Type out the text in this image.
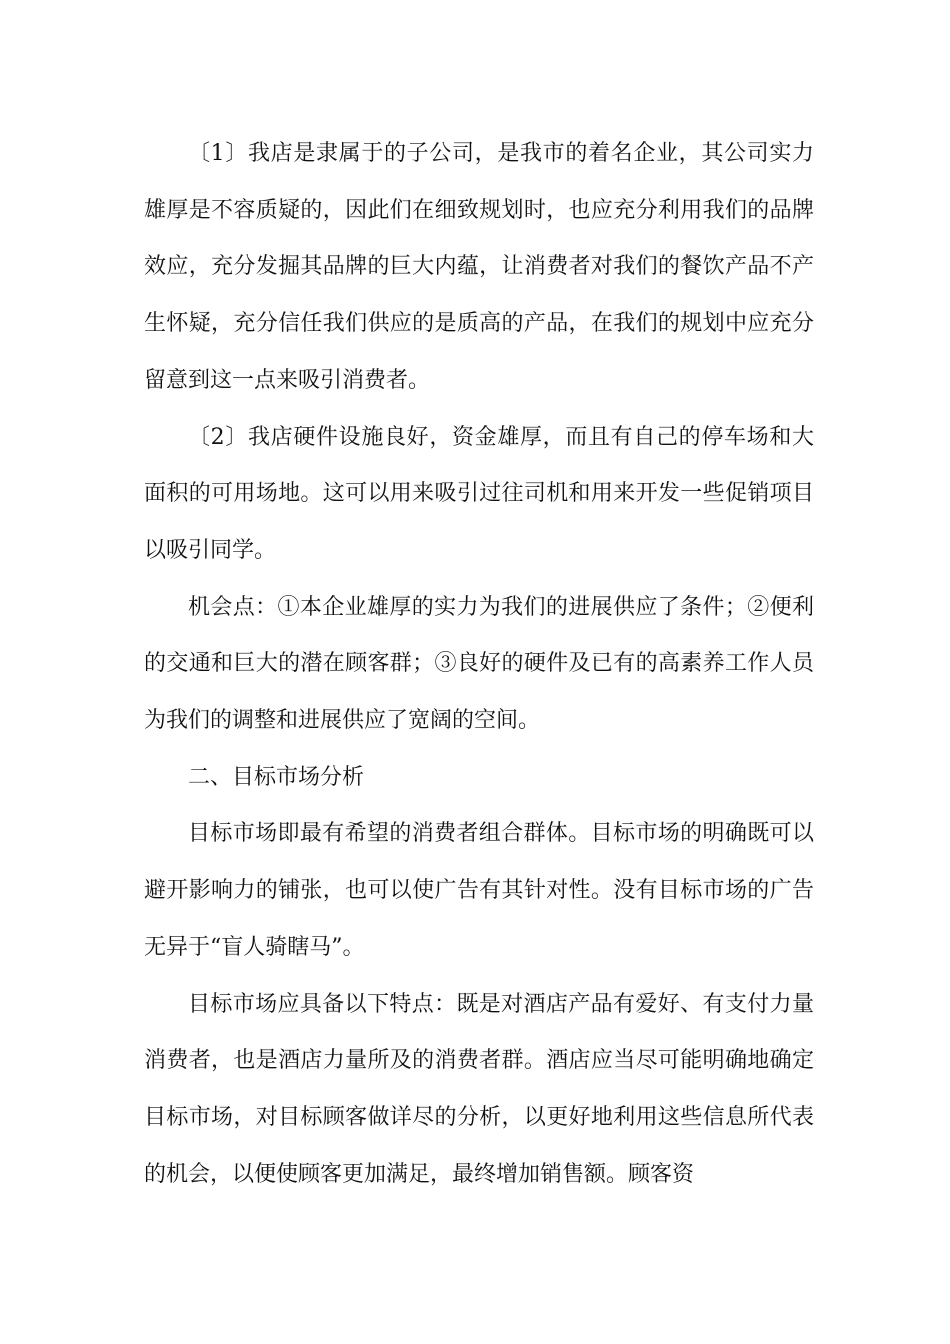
〔1〕我店是隶属于的子公司，是我市的着名企业，其公司实力雄厚是不容质疑的，因此们在细致规划时，也应充分利用我们的品牌效应，充分发掘其品牌的巨大内蕴，让消费者对我们的餐饮产品不产生怀疑，充分信任我们供应的是质高的产品，在我们的规划中应充分留意到这一点来吸引消费者。

〔2〕我店硬件设施良好，资金雄厚，而且有自己的停车场和大面积的可用场地。这可以用来吸引过往司机和用来开发一些促销项目以吸引同学。

机会点：①本企业雄厚的实力为我们的进展供应了条件；②便利的交通和巨大的潜在顾客群；③良好的硬件及已有的高素养工作人员为我们的调整和进展供应了宽阔的空间。

二、目标市场分析

目标市场即最有希望的消费者组合群体。目标市场的明确既可以避开影响力的铺张，也可以使广告有其针对性。没有目标市场的广告无异于“盲人骑瞎马”。

目标市场应具备以下特点：既是对酒店产品有爱好、有支付力量消费者，也是酒店力量所及的消费者群。酒店应当尽可能明确地确定目标市场，对目标顾客做详尽的分析，以更好地利用这些信息所代表的机会，以便使顾客更加满足，最终增加销售额。顾客资
